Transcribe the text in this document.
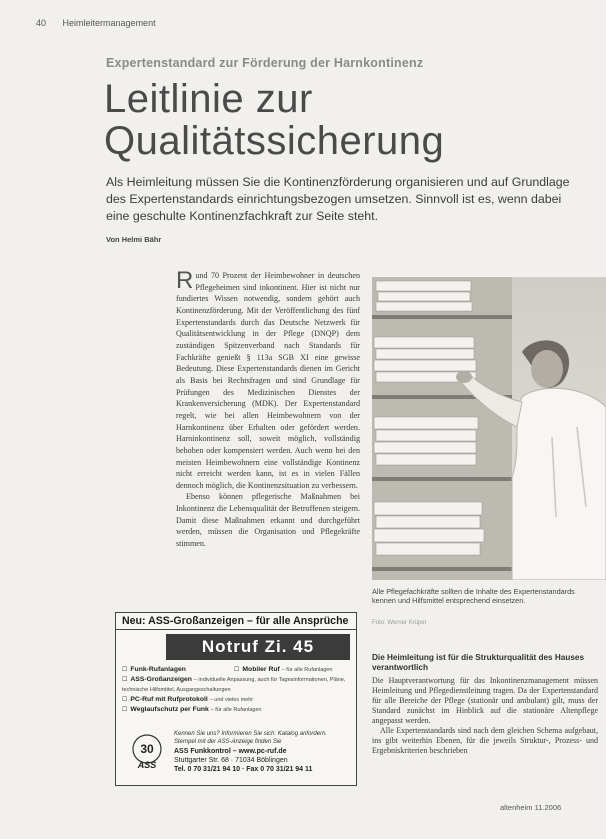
40 Heimleitermanagement
Expertenstandard zur Förderung der Harnkontinenz
Leitlinie zur
Qualitätssicherung
Als Heimleitung müssen Sie die Kontinenzförderung organisieren und auf Grundlage des Expertenstandards einrichtungsbezogen umsetzen. Sinnvoll ist es, wenn dabei eine geschulte Kontinenzfachkraft zur Seite steht.
Von Helmi Bähr

Rund 70 Prozent der Heimbewohner in deutschen Pflegeheimen sind inkontinent. Hier ist nicht nur fundiertes Wissen notwendig, sondern gehört auch Kontinenzförderung. Mit der Veröffentlichung des fünf Expertenstandards durch das Deutsche Netzwerk für Qualitätsentwicklung in der Pflege (DNQP) dem zuständigen Spitzenverband nach Standards für Fachkräfte genießt § 113a SGB XI eine gewisse Bedeutung. Diese Expertenstandards dienen im Gericht als Basis bei Rechtsfragen und sind Grundlage für Prüfungen des Medizinischen Dienstes der Krankenversicherung (MDK). Der Expertenstandard regelt, wie bei allen Heimbewohnern von der Harnkontinenz über Erhalten oder gefördert werden. Harninkontinenz soll, soweit möglich, vollständig behoben oder kompensiert werden. Auch wenn bei den meisten Heimbewohnern eine vollständige Kontinenz nicht erreicht werden kann, ist es in vielen Fällen dennoch möglich, die Kontinenzsituation zu verbessern.

Ebenso können pflegerische Maßnahmen bei Inkontinenz die Lebensqualität der Betroffenen steigern. Damit diese Maßnahmen erkannt und durchgeführt werden, müssen die Organisation und Pflegekräfte stimmen.

Alle Pflegefachkräfte sollten die Inhalte des Expertenstandards kennen und Hilfsmittel entsprechend einsetzen.
Foto: Werner Krüper
Die Heimleitung ist für die Strukturqualität des Hauses verantwortlich

Die Hauptverantwortung für das Inkontinenzmanagement müssen Heimleitung und Pflegedienstleitung tragen. Da der Expertenstandard für alle Bereiche der Pflege (stationär und ambulant) gilt, muss der Standard zunächst im Hinblick auf die stationäre Altenpflege angepasst werden.

Alle Expertenstandards sind nach dem gleichen Schema aufgebaut, ins gibt weiterhin Ebenen, für die jeweils Struktur-, Prozess- und Ergebniskriterien beschrieben

altenheim 11.2006
Neu: ASS-Großanzeigen – für alle Ansprüche
Notruf Zi. 45
☐ Funk-Rufanlagen	☐ Mobiler Ruf – für alle Rufanlagen
☐ ASS-Großanzeigen – individuelle Anpassung, auch für Tagesinformationen, Pläne, technische Hilfsmittel, Ausgangsschaltungen
☐ PC-Ruf mit Rufprotokoll – und vieles mehr
☐ Weglaufschutz per Funk – für alle Rufanlagen
30
ASS
Kennen Sie uns? Informieren Sie sich: Katalog anfordern.
Stempel mit der ASS-Anzeige finden Sie
ASS Funkkontrol – www.pc-ruf.de
Stuttgarter Str. 68 · 71034 Böblingen
Tel. 0 70 31/21 94 10 · Fax 0 70 31/21 94 11
